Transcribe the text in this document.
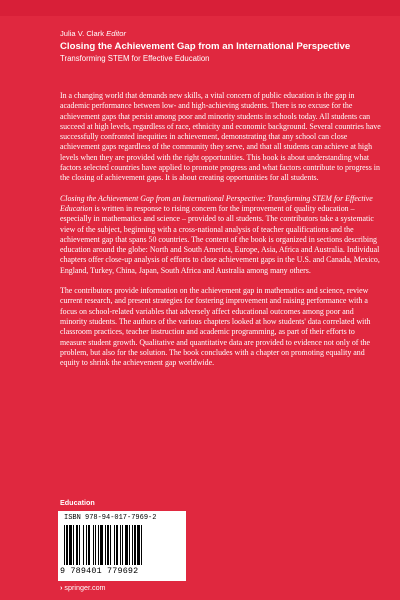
Julia V. Clark Editor
Closing the Achievement Gap from an International Perspective
Transforming STEM for Effective Education

In a changing world that demands new skills, a vital concern of public education is the gap in academic performance between low- and high-achieving students. There is no excuse for the achievement gaps that persist among poor and minority students in schools today. All students can succeed at high levels, regardless of race, ethnicity and economic background. Several countries have successfully confronted inequities in achievement, demonstrating that any school can close achievement gaps regardless of the community they serve, and that all students can achieve at high levels when they are provided with the right opportunities. This book is about understanding what factors selected countries have applied to promote progress and what factors contribute to progress in the closing of achievement gaps. It is about creating opportunities for all students.

Closing the Achievement Gap from an International Perspective: Transforming STEM for Effective Education is written in response to rising concern for the improvement of quality education – especially in mathematics and science – provided to all students. The contributors take a systematic view of the subject, beginning with a cross-national analysis of teacher qualifications and the achievement gap that spans 50 countries. The content of the book is organized in sections describing education around the globe: North and South America, Europe, Asia, Africa and Australia. Individual chapters offer close-up analysis of efforts to close achievement gaps in the U.S. and Canada, Mexico, England, Turkey, China, Japan, South Africa and Australia among many others.

The contributors provide information on the achievement gap in mathematics and science, review current research, and present strategies for fostering improvement and raising performance with a focus on school-related variables that adversely affect educational outcomes among poor and minority students. The authors of the various chapters looked at how students' data correlated with classroom practices, teacher instruction and academic programming, as part of their efforts to measure student growth. Qualitative and quantitative data are provided to evidence not only of the problem, but also for the solution. The book concludes with a chapter on promoting equality and equity to shrink the achievement gap worldwide.

Education
ISBN 978-94-017-7969-2
9 789401 779692
› springer.com
